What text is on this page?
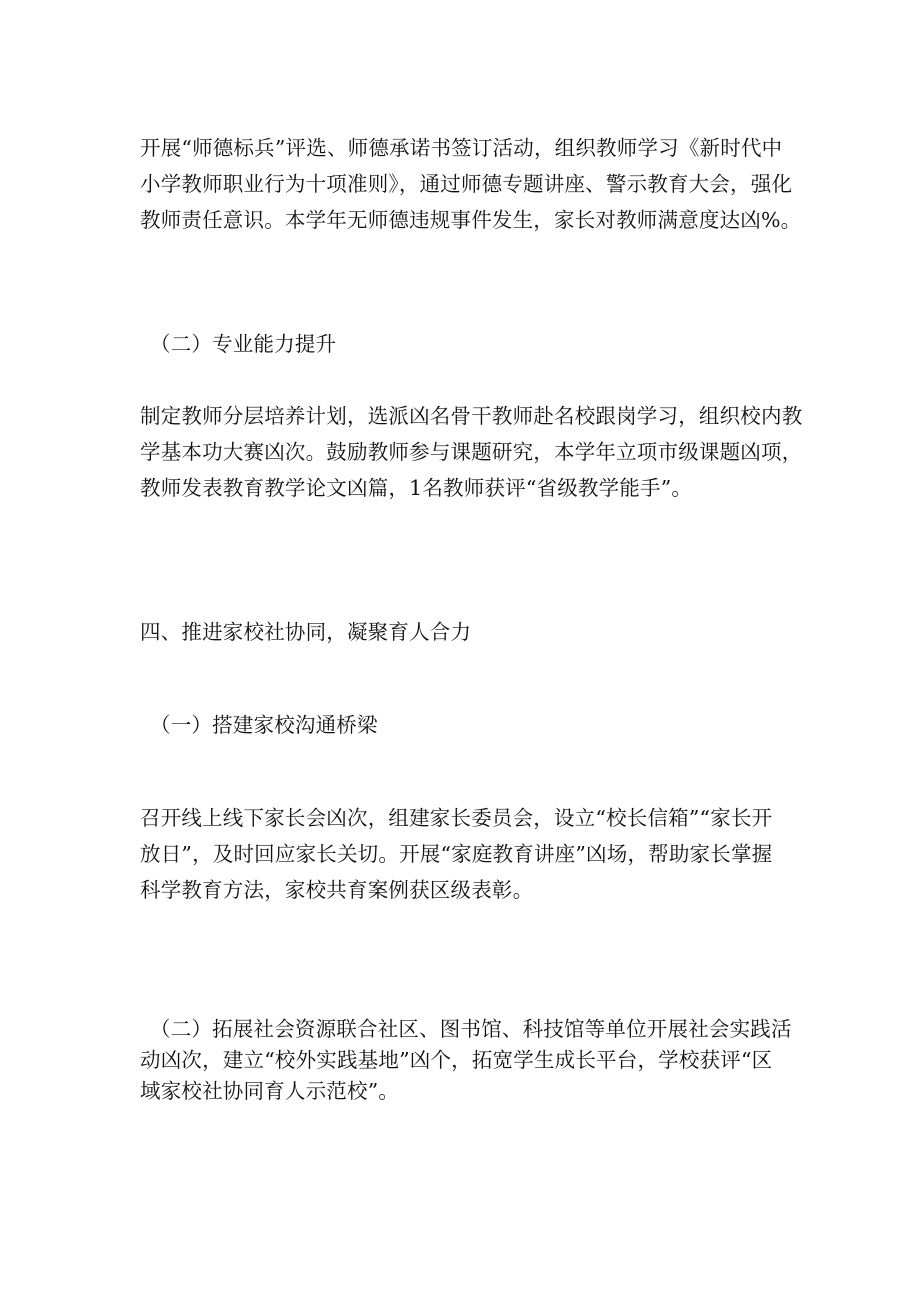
开展“师德标兵”评选、师德承诺书签订活动，组织教师学习《新时代中
小学教师职业行为十项准则》，通过师德专题讲座、警示教育大会，强化
教师责任意识。本学年无师德违规事件发生，家长对教师满意度达凶%。

（二）专业能力提升

制定教师分层培养计划，选派凶名骨干教师赴名校跟岗学习，组织校内教
学基本功大赛凶次。鼓励教师参与课题研究，本学年立项市级课题凶项，
教师发表教育教学论文凶篇，1名教师获评“省级教学能手”。

四、推进家校社协同，凝聚育人合力

（一）搭建家校沟通桥梁

召开线上线下家长会凶次，组建家长委员会，设立“校长信箱”“家长开
放日”，及时回应家长关切。开展“家庭教育讲座”凶场，帮助家长掌握
科学教育方法，家校共育案例获区级表彰。

（二）拓展社会资源联合社区、图书馆、科技馆等单位开展社会实践活
动凶次，建立“校外实践基地”凶个，拓宽学生成长平台，学校获评“区
域家校社协同育人示范校”。
